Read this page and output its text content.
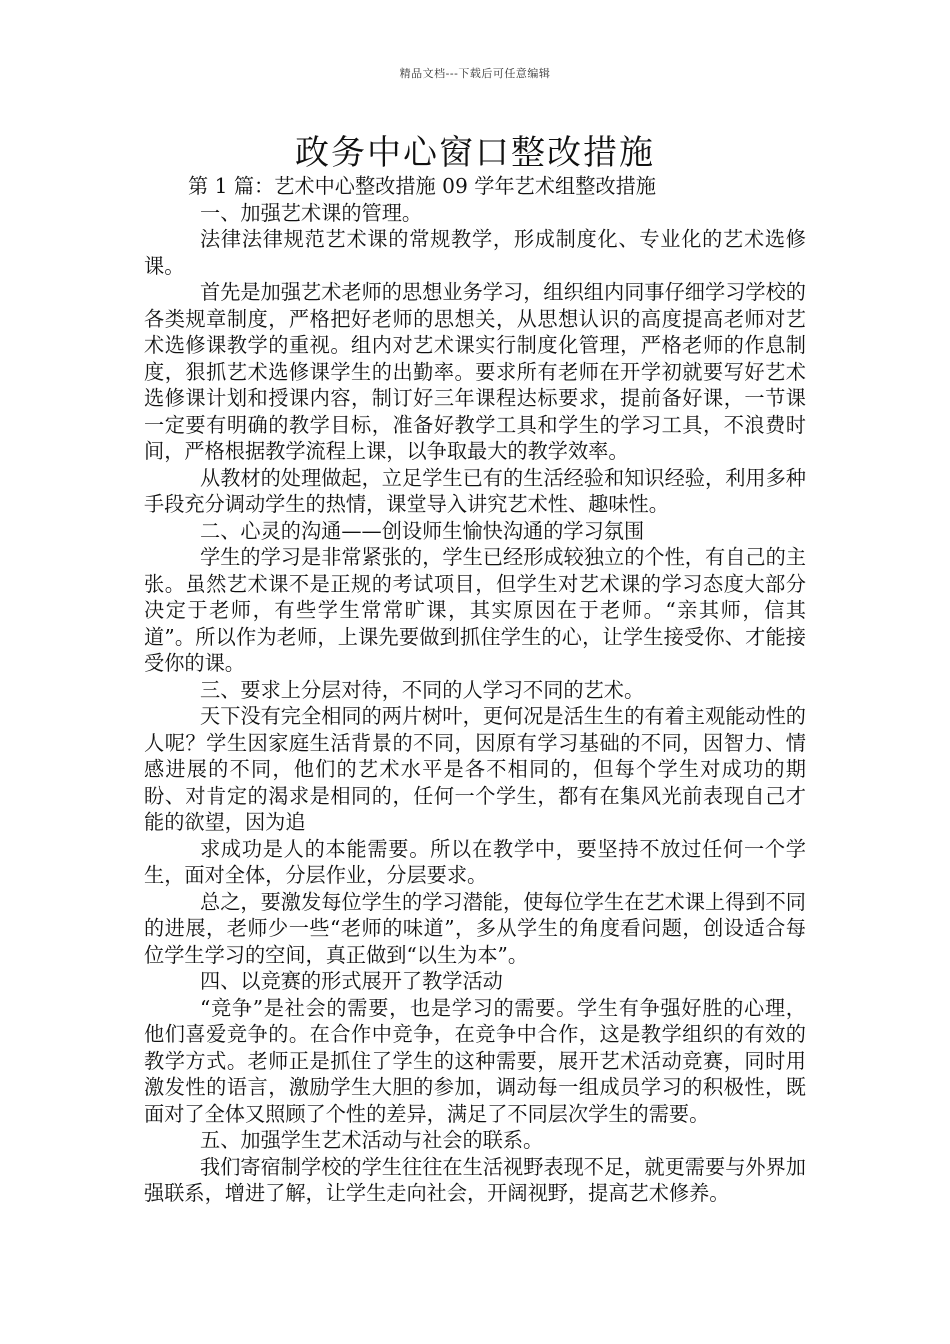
精品文档---下载后可任意编辑
政务中心窗口整改措施

第 1 篇：艺术中心整改措施 09 学年艺术组整改措施

一、加强艺术课的管理。

法律法律规范艺术课的常规教学，形成制度化、专业化的艺术选修课。

首先是加强艺术老师的思想业务学习，组织组内同事仔细学习学校的各类规章制度，严格把好老师的思想关，从思想认识的高度提高老师对艺术选修课教学的重视。组内对艺术课实行制度化管理，严格老师的作息制度，狠抓艺术选修课学生的出勤率。要求所有老师在开学初就要写好艺术选修课计划和授课内容，制订好三年课程达标要求，提前备好课，一节课一定要有明确的教学目标，准备好教学工具和学生的学习工具，不浪费时间，严格根据教学流程上课，以争取最大的教学效率。

从教材的处理做起，立足学生已有的生活经验和知识经验，利用多种手段充分调动学生的热情，课堂导入讲究艺术性、趣味性。

二、心灵的沟通——创设师生愉快沟通的学习氛围

学生的学习是非常紧张的，学生已经形成较独立的个性，有自己的主张。虽然艺术课不是正规的考试项目，但学生对艺术课的学习态度大部分决定于老师，有些学生常常旷课，其实原因在于老师。“亲其师，信其道”。所以作为老师，上课先要做到抓住学生的心，让学生接受你、才能接受你的课。

三、要求上分层对待，不同的人学习不同的艺术。

天下没有完全相同的两片树叶，更何况是活生生的有着主观能动性的人呢？学生因家庭生活背景的不同，因原有学习基础的不同，因智力、情感进展的不同，他们的艺术水平是各不相同的，但每个学生对成功的期盼、对肯定的渴求是相同的，任何一个学生，都有在集风光前表现自己才能的欲望，因为追

求成功是人的本能需要。所以在教学中，要坚持不放过任何一个学生，面对全体，分层作业，分层要求。

总之，要激发每位学生的学习潜能，使每位学生在艺术课上得到不同的进展，老师少一些“老师的味道”，多从学生的角度看问题，创设适合每位学生学习的空间，真正做到“以生为本”。

四、以竞赛的形式展开了教学活动

“竞争”是社会的需要，也是学习的需要。学生有争强好胜的心理，他们喜爱竞争的。在合作中竞争，在竞争中合作，这是教学组织的有效的教学方式。老师正是抓住了学生的这种需要，展开艺术活动竞赛，同时用激发性的语言，激励学生大胆的参加，调动每一组成员学习的积极性，既面对了全体又照顾了个性的差异，满足了不同层次学生的需要。

五、加强学生艺术活动与社会的联系。

我们寄宿制学校的学生往往在生活视野表现不足，就更需要与外界加强联系，增进了解，让学生走向社会，开阔视野，提高艺术修养。
